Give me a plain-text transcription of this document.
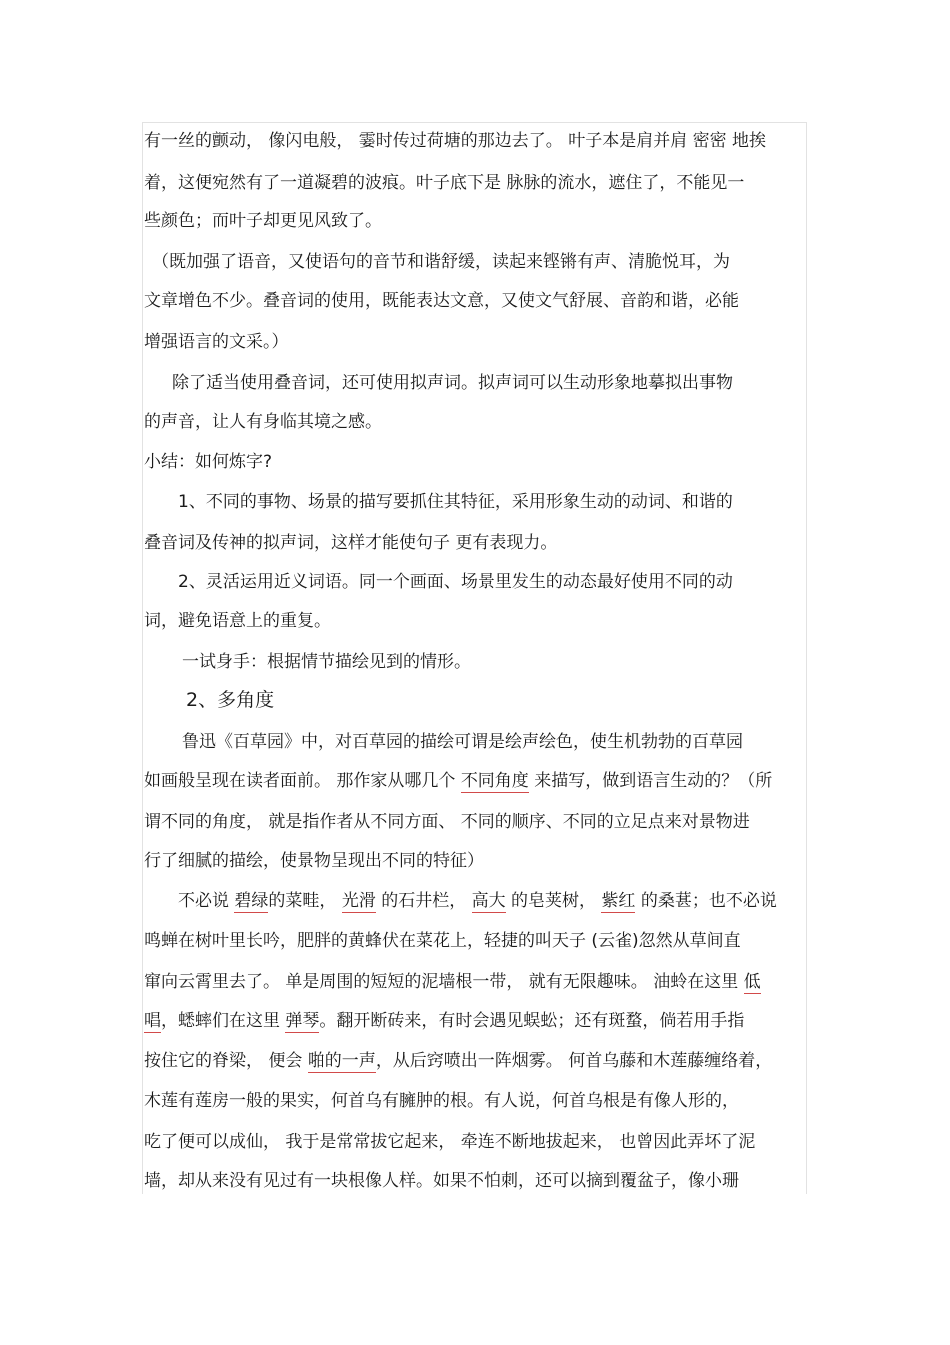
有一丝的颤动， 像闪电般， 霎时传过荷塘的那边去了。 叶子本是肩并肩 密密 地挨
着，这便宛然有了一道凝碧的波痕。叶子底下是 脉脉的流水，遮住了，不能见一
些颜色；而叶子却更见风致了。
（既加强了语音，又使语句的音节和谐舒缓，读起来铿锵有声、清脆悦耳，为
文章增色不少。叠音词的使用，既能表达文意，又使文气舒展、音韵和谐，必能
增强语言的文采。）
除了适当使用叠音词，还可使用拟声词。拟声词可以生动形象地摹拟出事物
的声音，让人有身临其境之感。
小结：如何炼字?
1、不同的事物、场景的描写要抓住其特征，采用形象生动的动词、和谐的
叠音词及传神的拟声词，这样才能使句子 更有表现力。
2、灵活运用近义词语。同一个画面、场景里发生的动态最好使用不同的动
词，避免语意上的重复。
一试身手：根据情节描绘见到的情形。
2、多角度
鲁迅《百草园》中，对百草园的描绘可谓是绘声绘色，使生机勃勃的百草园
如画般呈现在读者面前。 那作家从哪几个 不同角度 来描写，做到语言生动的？（所
谓不同的角度， 就是指作者从不同方面、 不同的顺序、不同的立足点来对景物进
行了细腻的描绘，使景物呈现出不同的特征）
不必说 碧绿的菜畦， 光滑 的石井栏， 高大 的皂荚树， 紫红 的桑葚；也不必说
鸣蝉在树叶里长吟，肥胖的黄蜂伏在菜花上，轻捷的叫天子 (云雀)忽然从草间直
窜向云霄里去了。 单是周围的短短的泥墙根一带， 就有无限趣味。 油蛉在这里 低
唱，蟋蟀们在这里 弹琴。翻开断砖来，有时会遇见蜈蚣；还有斑蝥，倘若用手指
按住它的脊梁， 便会 啪的一声，从后窍喷出一阵烟雾。 何首乌藤和木莲藤缠络着，
木莲有莲房一般的果实，何首乌有臃肿的根。有人说，何首乌根是有像人形的，
吃了便可以成仙， 我于是常常拔它起来， 牵连不断地拔起来， 也曾因此弄坏了泥
墙，却从来没有见过有一块根像人样。如果不怕刺，还可以摘到覆盆子，像小珊
